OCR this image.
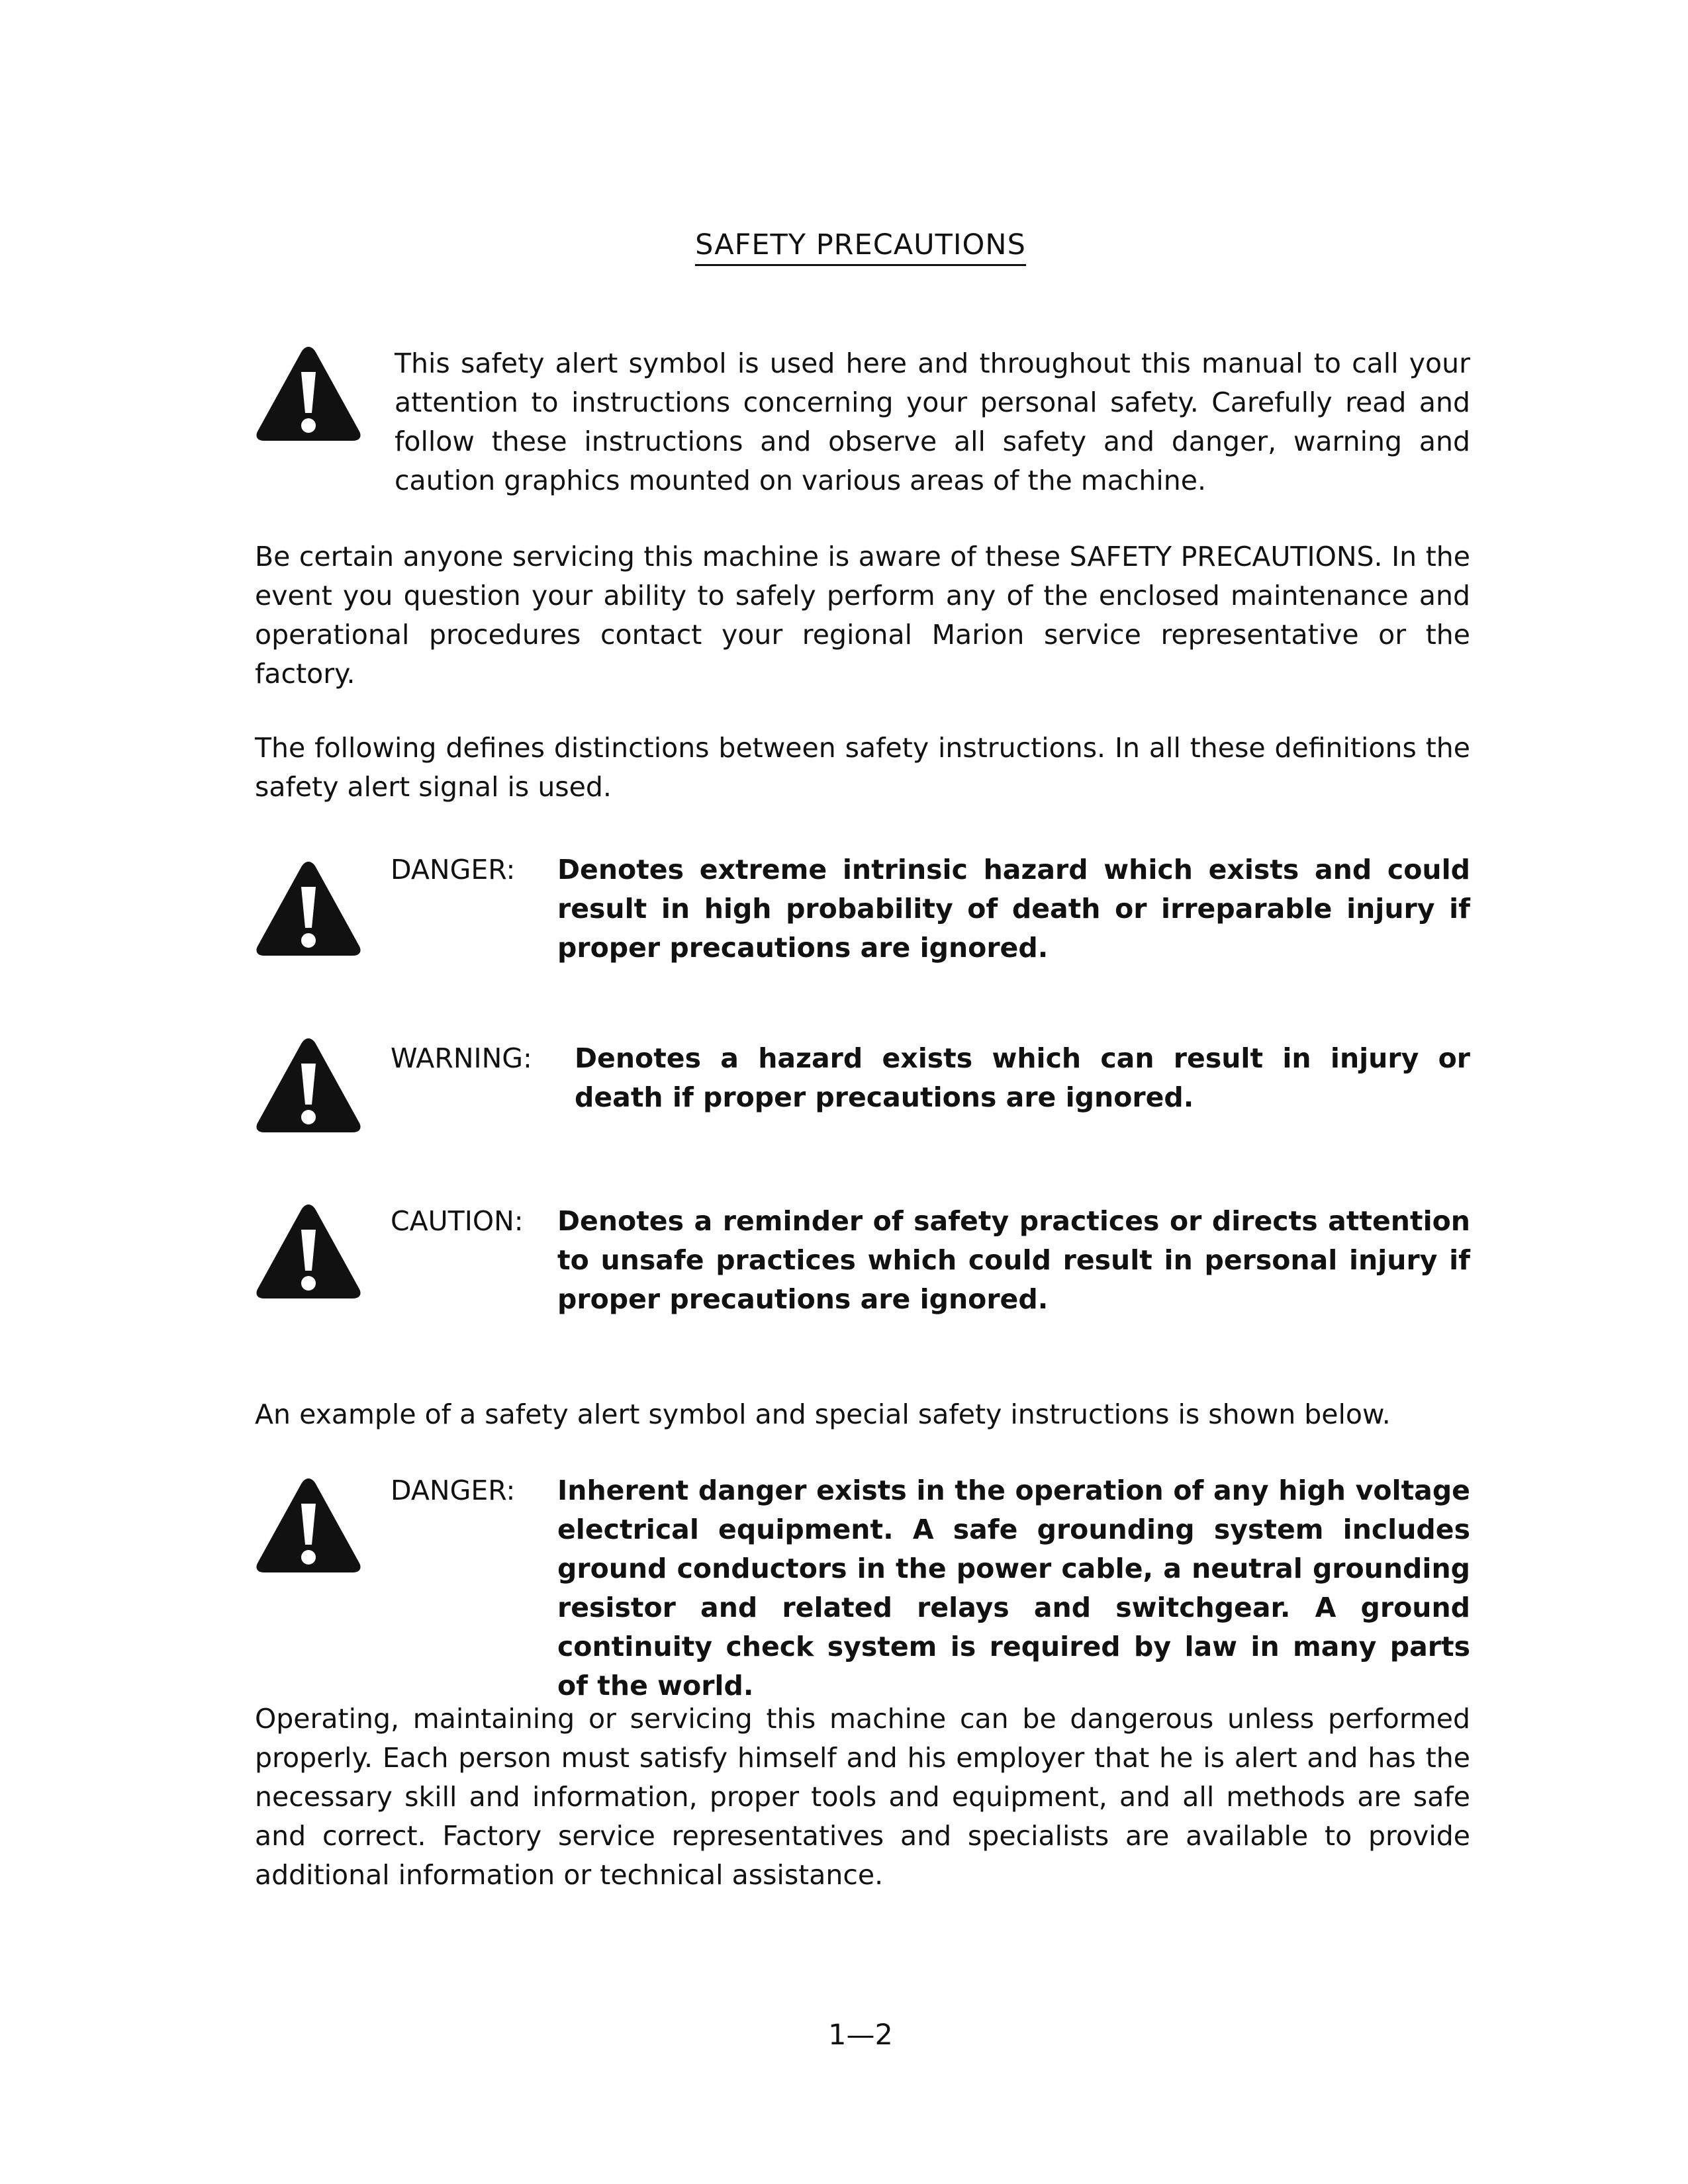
SAFETY PRECAUTIONS
This safety alert symbol is used here and throughout this manual to call your attention to instructions concerning your personal safety. Carefully read and follow these instructions and observe all safety and danger, warning and caution graphics mounted on various areas of the machine.
Be certain anyone servicing this machine is aware of these SAFETY PRECAUTIONS. In the event you question your ability to safely perform any of the enclosed maintenance and operational procedures contact your regional Marion service representative or the factory.
The following defines distinctions between safety instructions. In all these definitions the safety alert signal is used.
DANGER: Denotes extreme intrinsic hazard which exists and could result in high probability of death or irreparable injury if proper precautions are ignored.
WARNING: Denotes a hazard exists which can result in injury or death if proper precautions are ignored.
CAUTION: Denotes a reminder of safety practices or directs attention to unsafe practices which could result in personal injury if proper precautions are ignored.
An example of a safety alert symbol and special safety instructions is shown below.
DANGER: Inherent danger exists in the operation of any high voltage electrical equipment. A safe grounding system includes ground conductors in the power cable, a neutral grounding resistor and related relays and switchgear. A ground continuity check system is required by law in many parts of the world.
Operating, maintaining or servicing this machine can be dangerous unless performed properly. Each person must satisfy himself and his employer that he is alert and has the necessary skill and information, proper tools and equipment, and all methods are safe and correct. Factory service representatives and specialists are available to provide additional information or technical assistance.
1—2
